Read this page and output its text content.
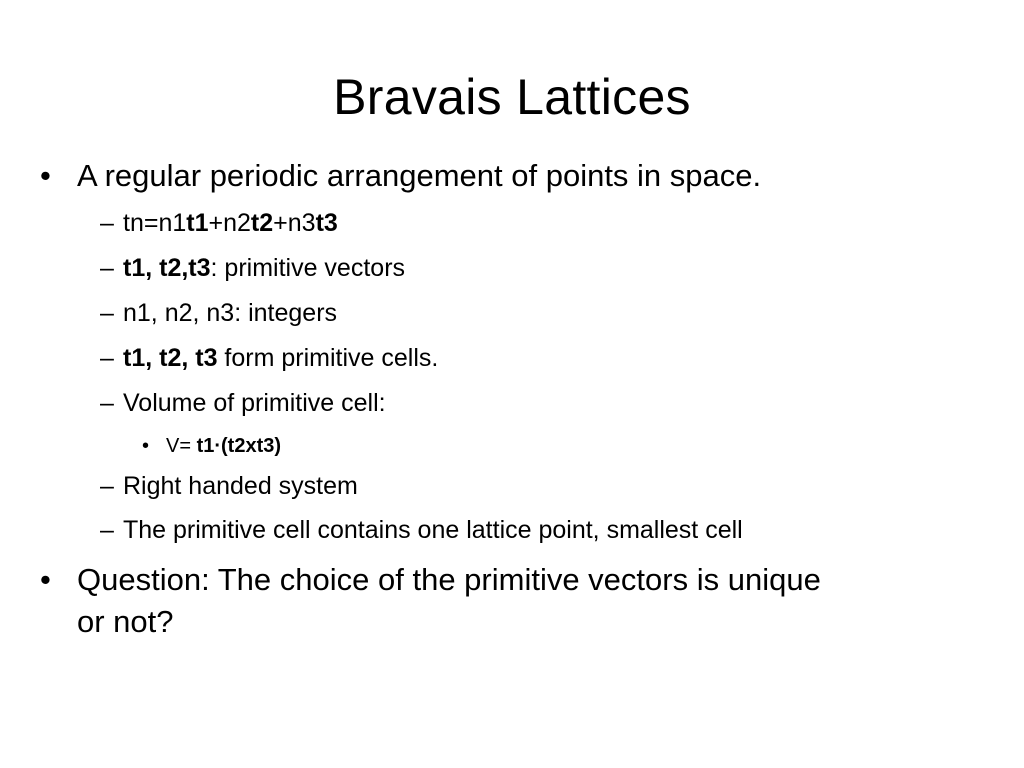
Bravais Lattices
• A regular periodic arrangement of points in space.
– tn=n1t1+n2t2+n3t3
– t1, t2,t3: primitive vectors
– n1, n2, n3: integers
– t1, t2, t3 form primitive cells.
– Volume of primitive cell:
• V= t1·(t2xt3)
– Right handed system
– The primitive cell contains one lattice point, smallest cell
• Question: The choice of the primitive vectors is unique
or not?
